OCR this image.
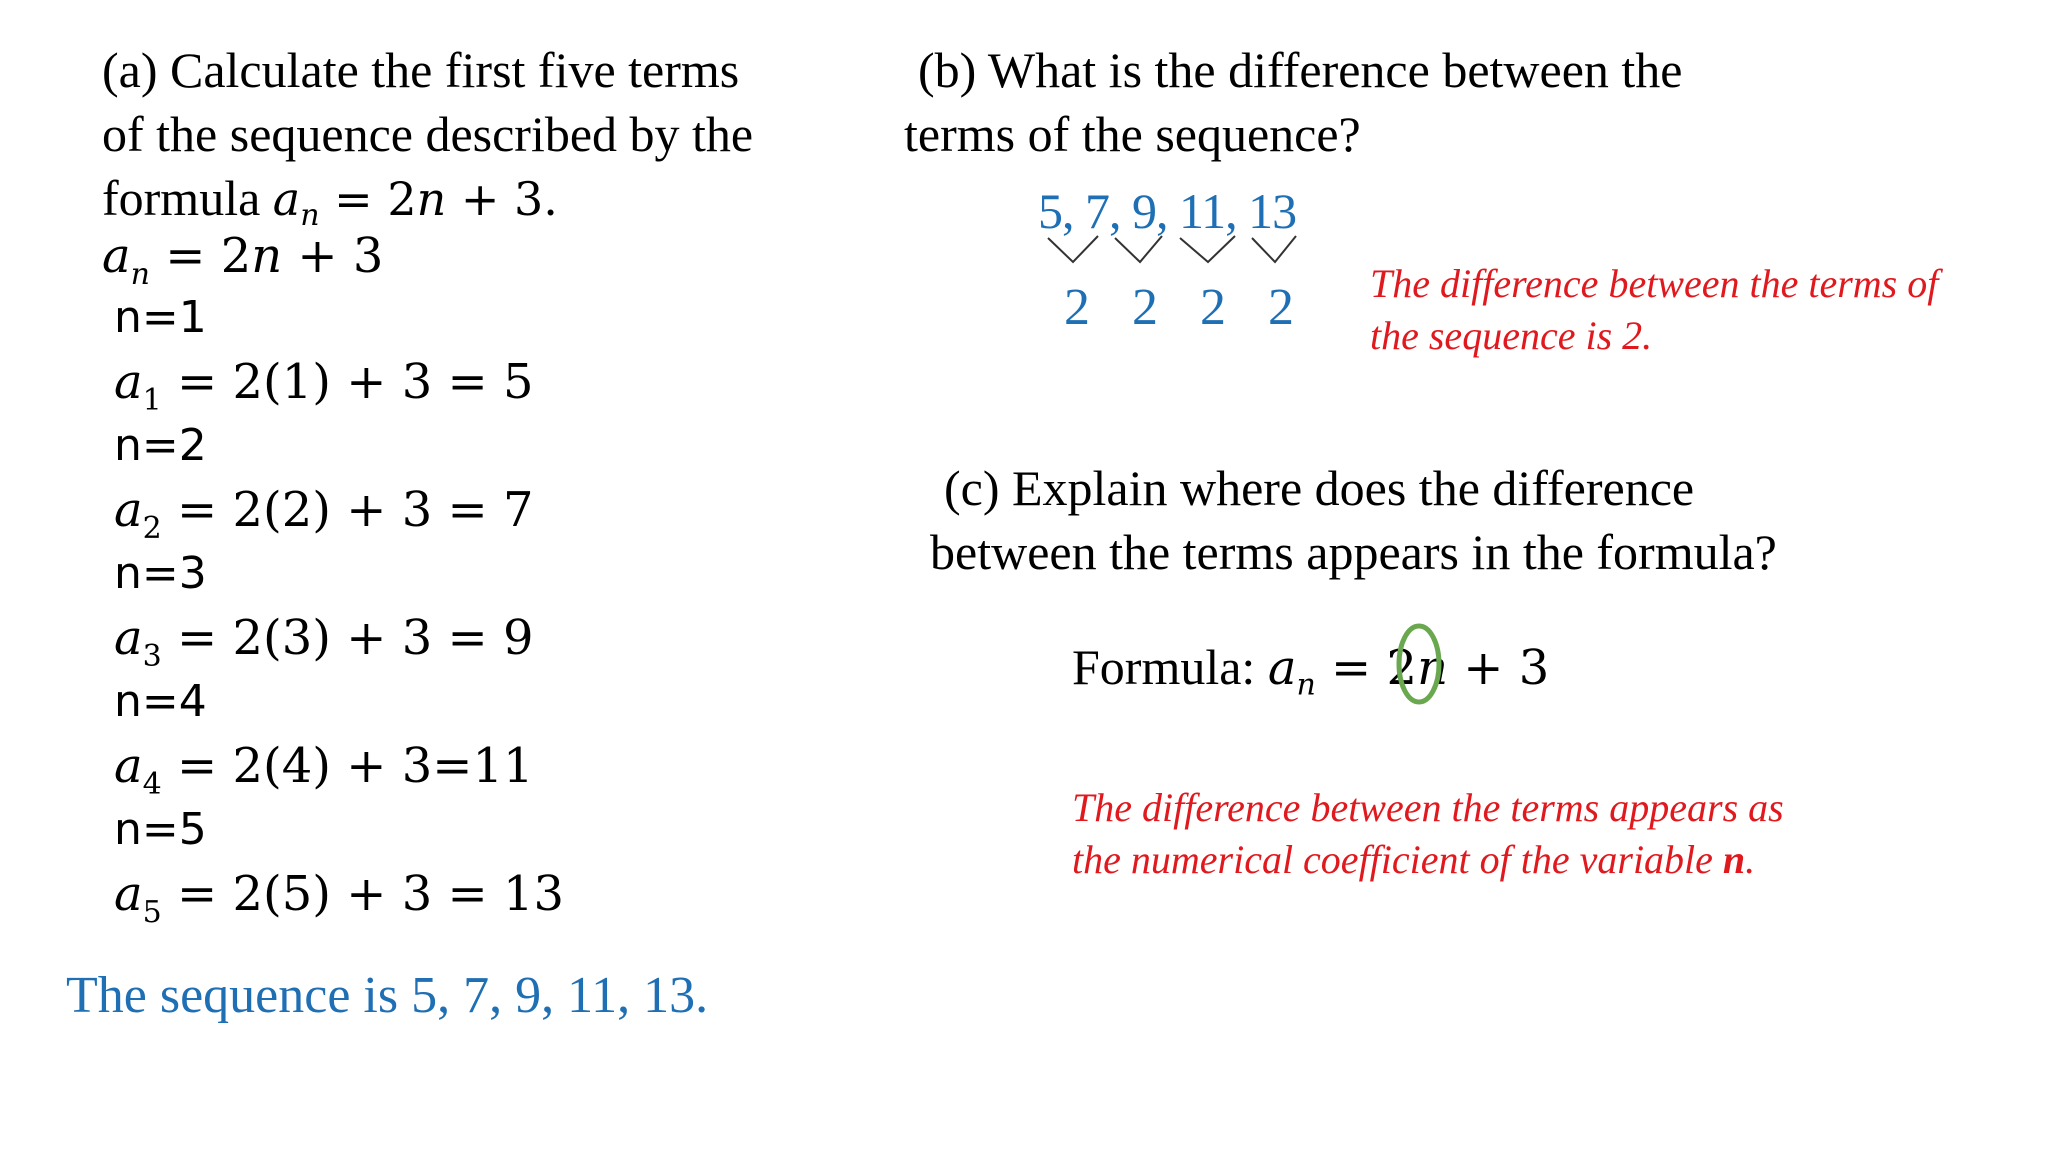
(a) Calculate the first five terms
of the sequence described by the
formula $a_n = 2n + 3$.
$a_n = 2n + 3$
n=1
$a_1 = 2(1) + 3 = 5$
n=2
$a_2 = 2(2) + 3 = 7$
n=3
$a_3 = 2(3) + 3 = 9$
n=4
$a_4 = 2(4) + 3=11$
n=5
$a_5 = 2(5) + 3 = 13$
The sequence is 5, 7, 9, 11, 13.
(b) What is the difference between the
terms of the sequence?
5, 7, 9, 11, 13
2 2 2 2	The difference between the terms of
the sequence is 2.
(c) Explain where does the difference
between the terms appears in the formula?
Formula: $a_n = 2n + 3$
The difference between the terms appears as
the numerical coefficient of the variable n.
